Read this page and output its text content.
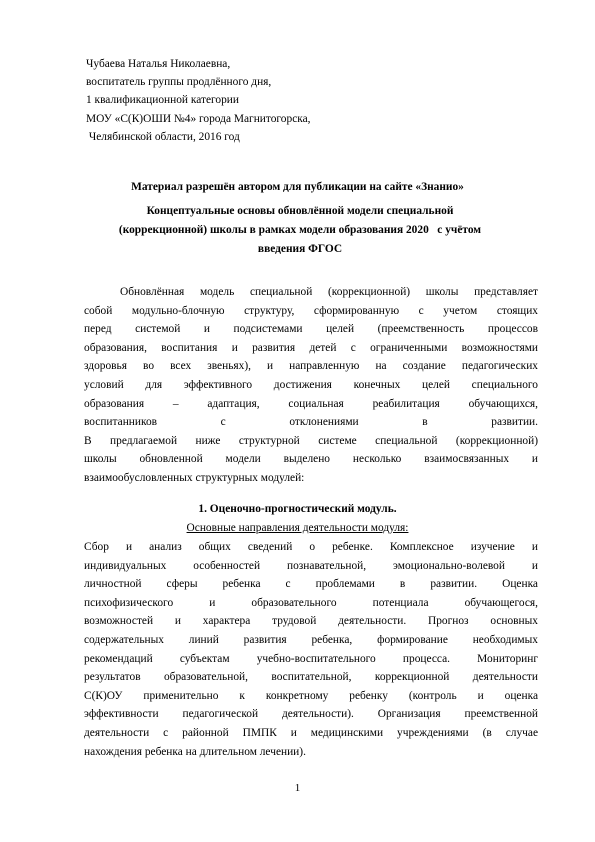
Чубаева Наталья Николаевна,
воспитатель группы продлённого дня,
1 квалификационной категории
МОУ «С(К)ОШИ №4» города Магнитогорска,
Челябинской области, 2016 год
Материал разрешён автором для публикации на сайте «Знанио»
Концептуальные основы обновлённой модели специальной
(коррекционной) школы в рамках модели образования 2020   с учётом
введения ФГОС
Обновлённая модель специальной (коррекционной) школы представляет
собой модульно-блочную структуру, сформированную с учетом стоящих
перед системой и подсистемами целей (преемственность процессов
образования, воспитания и развития детей с ограниченными возможностями
здоровья во всех звеньях), и направленную на создание педагогических
условий для эффективного достижения конечных целей специального
образования – адаптация, социальная реабилитация обучающихся,
воспитанников с отклонениями в развитии.
В предлагаемой ниже структурной системе специальной (коррекционной)
школы обновленной модели выделено несколько взаимосвязанных и
взаимообусловленных структурных модулей:
1. Оценочно-прогностический модуль.
Основные направления деятельности модуля:
Сбор и анализ общих сведений о ребенке. Комплексное изучение и
индивидуальных особенностей познавательной, эмоционально-волевой и
личностной сферы ребенка с проблемами в развитии. Оценка
психофизического и образовательного потенциала обучающегося,
возможностей и характера трудовой деятельности. Прогноз основных
содержательных линий развития ребенка, формирование необходимых
рекомендаций субъектам учебно-воспитательного процесса. Мониторинг
результатов образовательной, воспитательной, коррекционной деятельности
С(К)ОУ применительно к конкретному ребенку (контроль и оценка
эффективности педагогической деятельности). Организация преемственной
деятельности с районной ПМПК и медицинскими учреждениями (в случае
нахождения ребенка на длительном лечении).
1
